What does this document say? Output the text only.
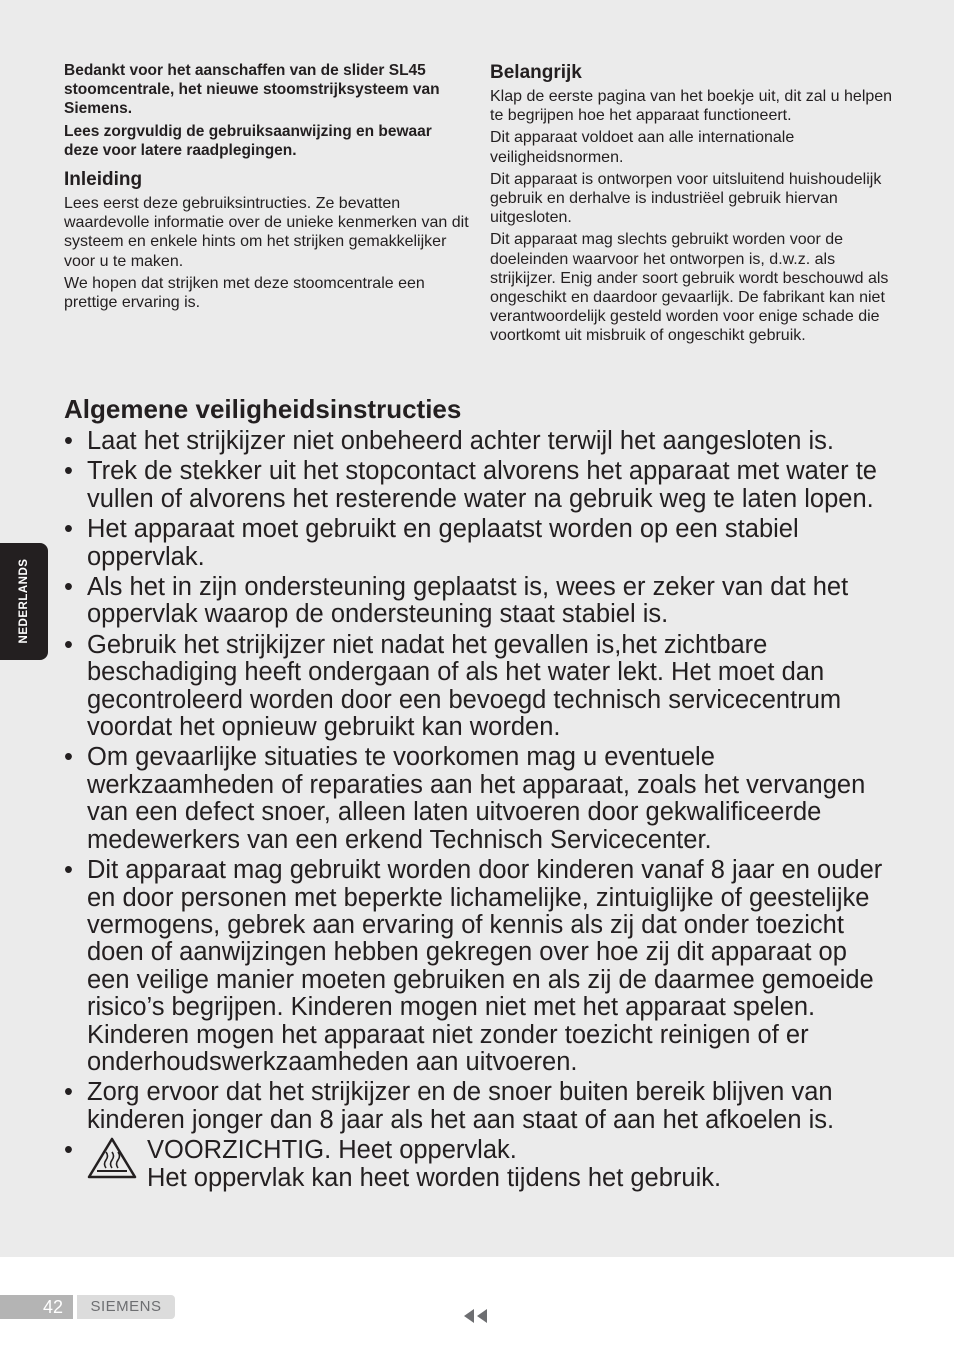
Bedankt voor het aanschaffen van de slider SL45 stoomcentrale, het nieuwe stoomstrijksysteem van Siemens.

Lees zorgvuldig de gebruiksaanwijzing en bewaar deze voor latere raadplegingen.

Inleiding

Lees eerst deze gebruiksintructies. Ze bevatten waardevolle informatie over de unieke kenmerken van dit systeem en enkele hints om het strijken gemakkelijker voor u te maken.

We hopen dat strijken met deze stoomcentrale een prettige ervaring is.

Belangrijk

Klap de eerste pagina van het boekje uit, dit zal u helpen te begrijpen hoe het apparaat functioneert.

Dit apparaat voldoet aan alle internationale veiligheidsnormen.

Dit apparaat is ontworpen voor uitsluitend huishoudelijk gebruik en derhalve is industriëel gebruik hiervan uitgesloten.

Dit apparaat mag slechts gebruikt worden voor de doeleinden waarvoor het ontworpen is, d.w.z. als strijkijzer. Enig ander soort gebruik wordt beschouwd als ongeschikt en daardoor gevaarlijk. De fabrikant kan niet verantwoordelijk gesteld worden voor enige schade die voortkomt uit misbruik of ongeschikt gebruik.

Algemene veiligheidsinstructies
• Laat het strijkijzer niet onbeheerd achter terwijl het aangesloten is.
• Trek de stekker uit het stopcontact alvorens het apparaat met water te vullen of alvorens het resterende water na gebruik weg te laten lopen.
• Het apparaat moet gebruikt en geplaatst worden op een stabiel oppervlak.
• Als het in zijn ondersteuning geplaatst is, wees er zeker van dat het oppervlak waarop de ondersteuning staat stabiel is.
• Gebruik het strijkijzer niet nadat het gevallen is,het zichtbare beschadiging heeft ondergaan of als het water lekt. Het moet dan gecontroleerd worden door een bevoegd technisch servicecentrum voordat het opnieuw gebruikt kan worden.
• Om gevaarlijke situaties te voorkomen mag u eventuele werkzaamheden of reparaties aan het apparaat, zoals het vervangen van een defect snoer, alleen laten uitvoeren door gekwalificeerde medewerkers van een erkend Technisch Servicecenter.
• Dit apparaat mag gebruikt worden door kinderen vanaf 8 jaar en ouder en door personen met beperkte lichamelijke, zintuiglijke of geestelijke vermogens, gebrek aan ervaring of kennis als zij dat onder toezicht doen of aanwijzingen hebben gekregen over hoe zij dit apparaat op een veilige manier moeten gebruiken en als zij de daarmee gemoeide risico’s begrijpen. Kinderen mogen niet met het apparaat spelen. Kinderen mogen het apparaat niet zonder toezicht reinigen of er onderhoudswerkzaamheden aan uitvoeren.
• Zorg ervoor dat het strijkijzer en de snoer buiten bereik blijven van kinderen jonger dan 8 jaar als het aan staat of aan het afkoelen is.
•	VOORZICHTIG. Heet oppervlak.
Het oppervlak kan heet worden tijdens het gebruik.
NEDERLANDS
42	SIEMENS
